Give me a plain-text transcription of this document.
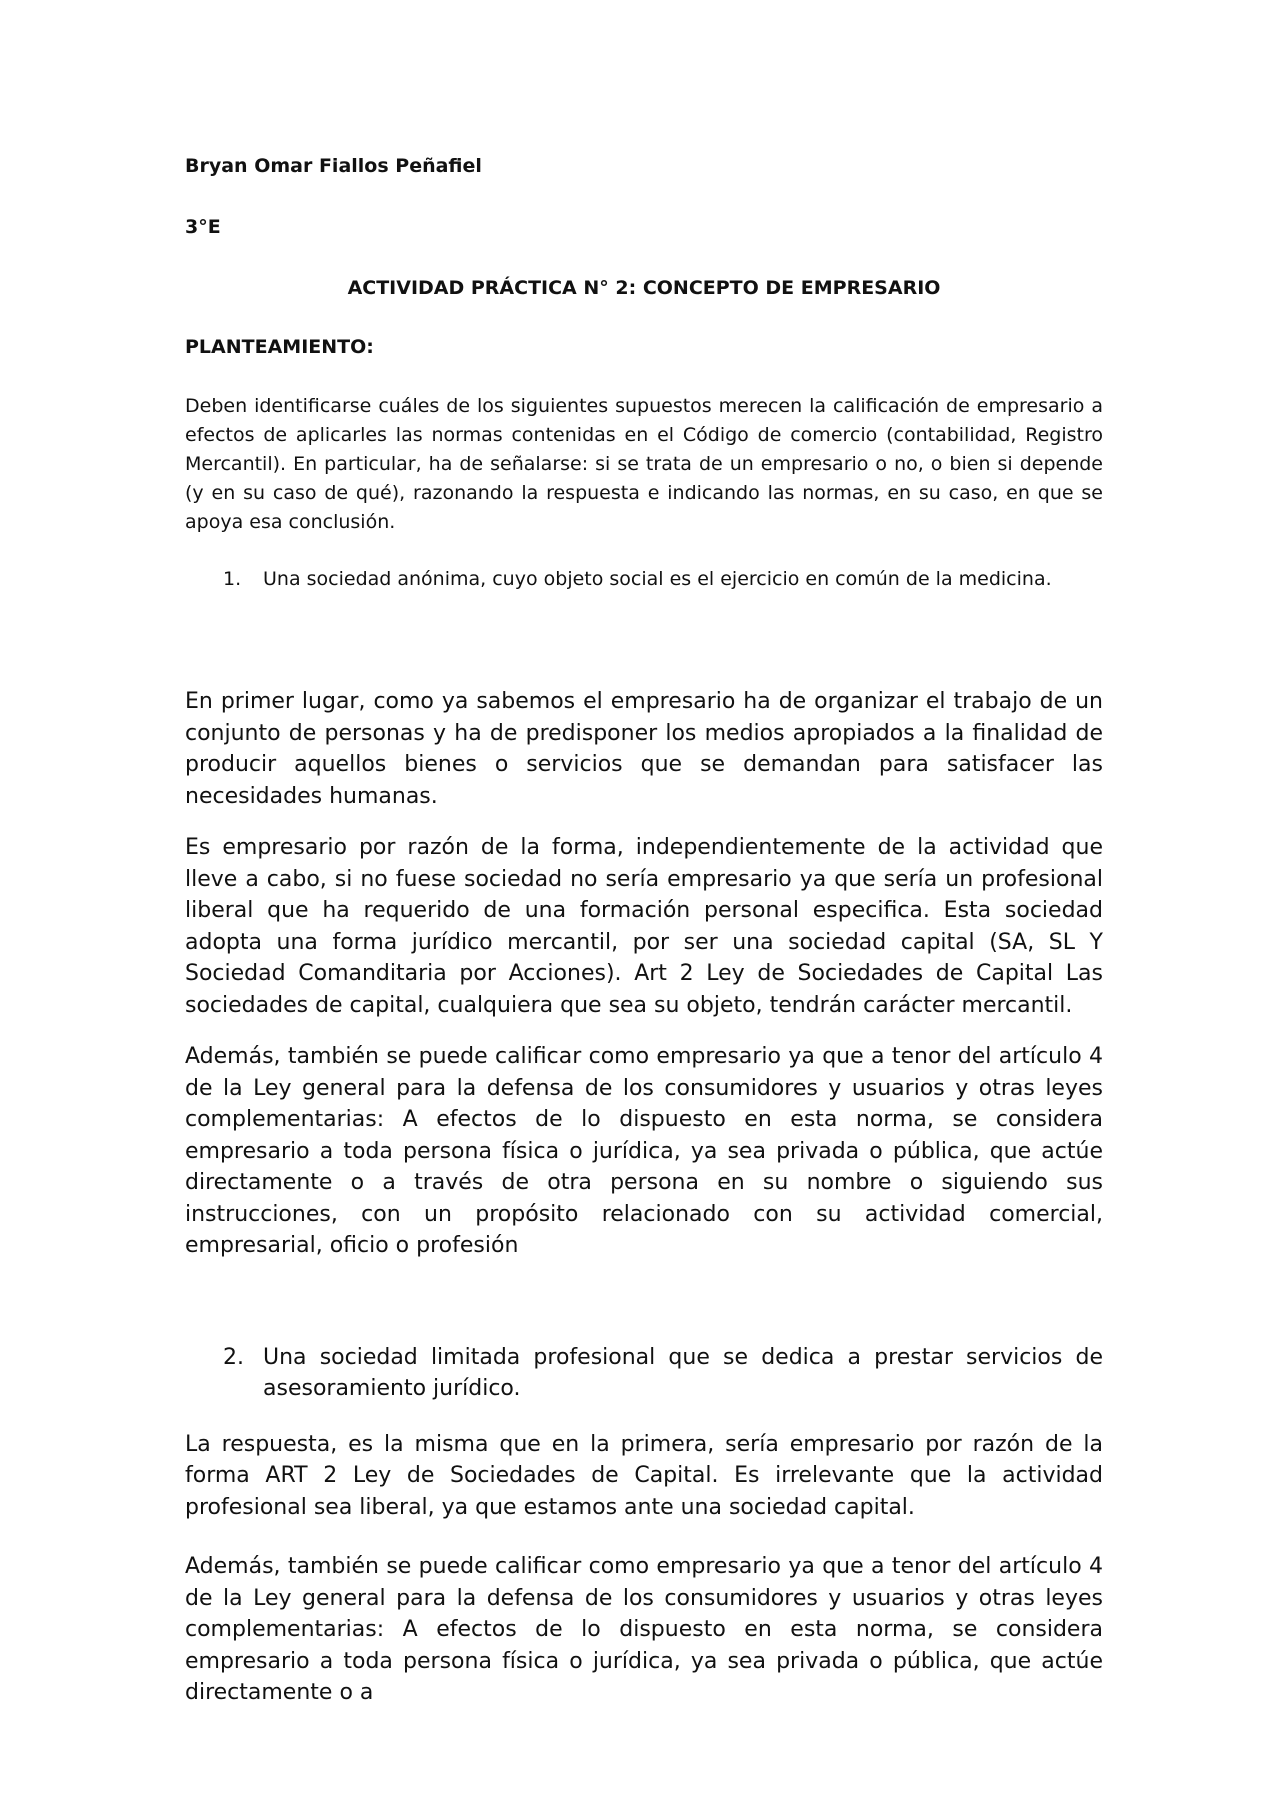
Bryan Omar Fiallos Peñafiel

3°E

ACTIVIDAD PRÁCTICA N° 2: CONCEPTO DE EMPRESARIO

PLANTEAMIENTO:

Deben identificarse cuáles de los siguientes supuestos merecen la calificación de empresario a efectos de aplicarles las normas contenidas en el Código de comercio (contabilidad, Registro Mercantil). En particular, ha de señalarse: si se trata de un empresario o no, o bien si depende (y en su caso de qué), razonando la respuesta e indicando las normas, en su caso, en que se apoya esa conclusión.

1.	Una sociedad anónima, cuyo objeto social es el ejercicio en común de la medicina.

En primer lugar, como ya sabemos el empresario ha de organizar el trabajo de un conjunto de personas y ha de predisponer los medios apropiados a la finalidad de producir aquellos bienes o servicios que se demandan para satisfacer las necesidades humanas.

Es empresario por razón de la forma, independientemente de la actividad que lleve a cabo, si no fuese sociedad no sería empresario ya que sería un profesional liberal que ha requerido de una formación personal especifica. Esta sociedad adopta una forma jurídico mercantil, por ser una sociedad capital (SA, SL Y Sociedad Comanditaria por Acciones). Art 2 Ley de Sociedades de Capital Las sociedades de capital, cualquiera que sea su objeto, tendrán carácter mercantil.

Además, también se puede calificar como empresario ya que a tenor del artículo 4 de la Ley general para la defensa de los consumidores y usuarios y otras leyes complementarias: A efectos de lo dispuesto en esta norma, se considera empresario a toda persona física o jurídica, ya sea privada o pública, que actúe directamente o a través de otra persona en su nombre o siguiendo sus instrucciones, con un propósito relacionado con su actividad comercial, empresarial, oficio o profesión

2. Una sociedad limitada profesional que se dedica a prestar servicios de asesoramiento jurídico.

La respuesta, es la misma que en la primera, sería empresario por razón de la forma ART 2 Ley de Sociedades de Capital. Es irrelevante que la actividad profesional sea liberal, ya que estamos ante una sociedad capital.

Además, también se puede calificar como empresario ya que a tenor del artículo 4 de la Ley general para la defensa de los consumidores y usuarios y otras leyes complementarias: A efectos de lo dispuesto en esta norma, se considera empresario a toda persona física o jurídica, ya sea privada o pública, que actúe directamente o a
